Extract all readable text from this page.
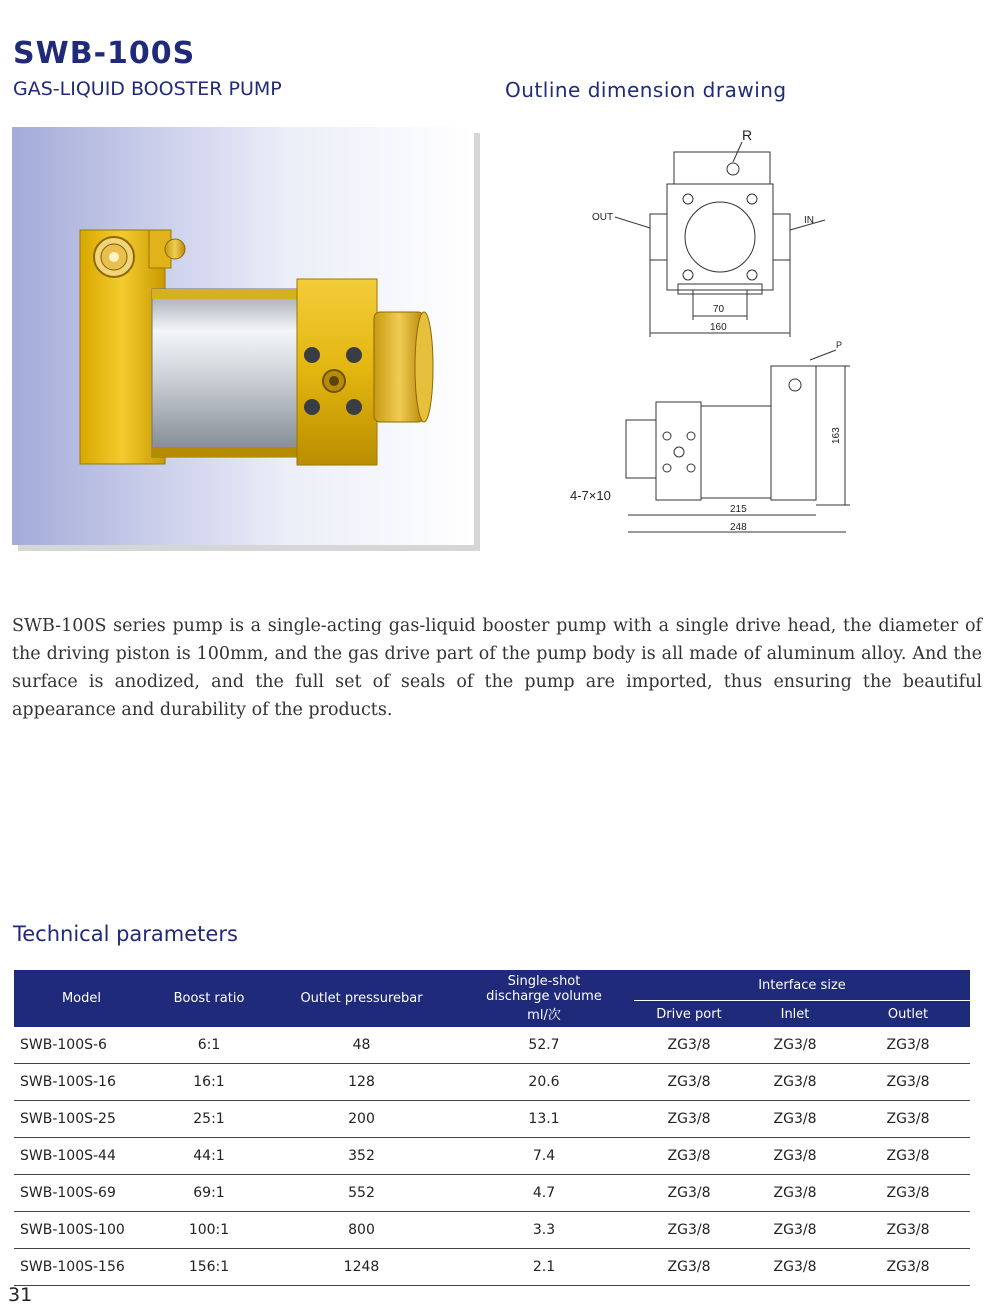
SWB-100S
GAS-LIQUID BOOSTER PUMP	Outline dimension drawing
R
OUT	IN
70
160
P
163
4-7×10
215
248

SWB-100S series pump is a single-acting gas-liquid booster pump with a single drive head, the diameter of the driving piston is 100mm, and the gas drive part of the pump body is all made of aluminum alloy. And the surface is anodized, and the full set of seals of the pump are imported, thus ensuring the beautiful appearance and durability of the products.

Technical parameters
Model	Boost ratio	Outlet pressurebar	Single-shot
discharge volume
ml/次	Interface size		
				Drive port	Inlet	Outlet
SWB-100S-6	6:1	48	52.7	ZG3/8	ZG3/8	ZG3/8
SWB-100S-16	16:1	128	20.6	ZG3/8	ZG3/8	ZG3/8
SWB-100S-25	25:1	200	13.1	ZG3/8	ZG3/8	ZG3/8
SWB-100S-44	44:1	352	7.4	ZG3/8	ZG3/8	ZG3/8
SWB-100S-69	69:1	552	4.7	ZG3/8	ZG3/8	ZG3/8
SWB-100S-100	100:1	800	3.3	ZG3/8	ZG3/8	ZG3/8
SWB-100S-156	156:1	1248	2.1	ZG3/8	ZG3/8	ZG3/8
31
